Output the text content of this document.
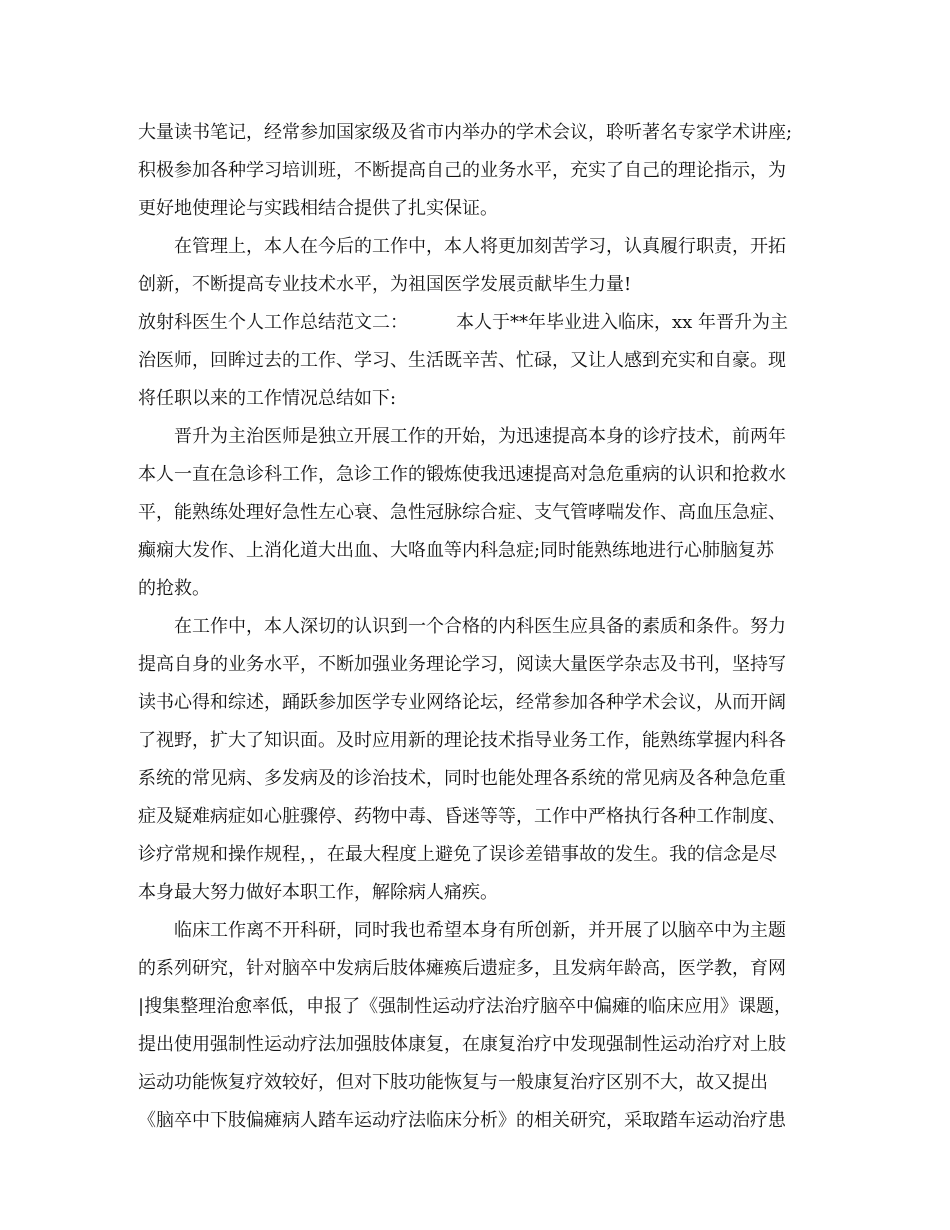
大量读书笔记，经常参加国家级及省市内举办的学术会议，聆听著名专家学术讲座;
积极参加各种学习培训班，不断提高自己的业务水平，充实了自己的理论指示，为
更好地使理论与实践相结合提供了扎实保证。
在管理上，本人在今后的工作中，本人将更加刻苦学习，认真履行职责，开拓
创新，不断提高专业技术水平，为祖国医学发展贡献毕生力量!
放射科医生个人工作总结范文二：	本人于**年毕业进入临床，xx 年晋升为主
治医师，回眸过去的工作、学习、生活既辛苦、忙碌，又让人感到充实和自豪。现
将任职以来的工作情况总结如下:
晋升为主治医师是独立开展工作的开始，为迅速提高本身的诊疗技术，前两年
本人一直在急诊科工作，急诊工作的锻炼使我迅速提高对急危重病的认识和抢救水
平，能熟练处理好急性左心衰、急性冠脉综合症、支气管哮喘发作、高血压急症、
癫痫大发作、上消化道大出血、大咯血等内科急症;同时能熟练地进行心肺脑复苏
的抢救。
在工作中，本人深切的认识到一个合格的内科医生应具备的素质和条件。努力
提高自身的业务水平，不断加强业务理论学习，阅读大量医学杂志及书刊，坚持写
读书心得和综述，踊跃参加医学专业网络论坛，经常参加各种学术会议，从而开阔
了视野，扩大了知识面。及时应用新的理论技术指导业务工作，能熟练掌握内科各
系统的常见病、多发病及的诊治技术，同时也能处理各系统的常见病及各种急危重
症及疑难病症如心脏骤停、药物中毒、昏迷等等，工作中严格执行各种工作制度、
诊疗常规和操作规程，，在最大程度上避免了误诊差错事故的发生。我的信念是尽
本身最大努力做好本职工作，解除病人痛疾。
临床工作离不开科研，同时我也希望本身有所创新，并开展了以脑卒中为主题
的系列研究，针对脑卒中发病后肢体瘫痪后遗症多，且发病年龄高，医学教，育网
|搜集整理治愈率低，申报了《强制性运动疗法治疗脑卒中偏瘫的临床应用》课题，
提出使用强制性运动疗法加强肢体康复，在康复治疗中发现强制性运动治疗对上肢
运动功能恢复疗效较好，但对下肢功能恢复与一般康复治疗区别不大，故又提出
《脑卒中下肢偏瘫病人踏车运动疗法临床分析》的相关研究，采取踏车运动治疗患
